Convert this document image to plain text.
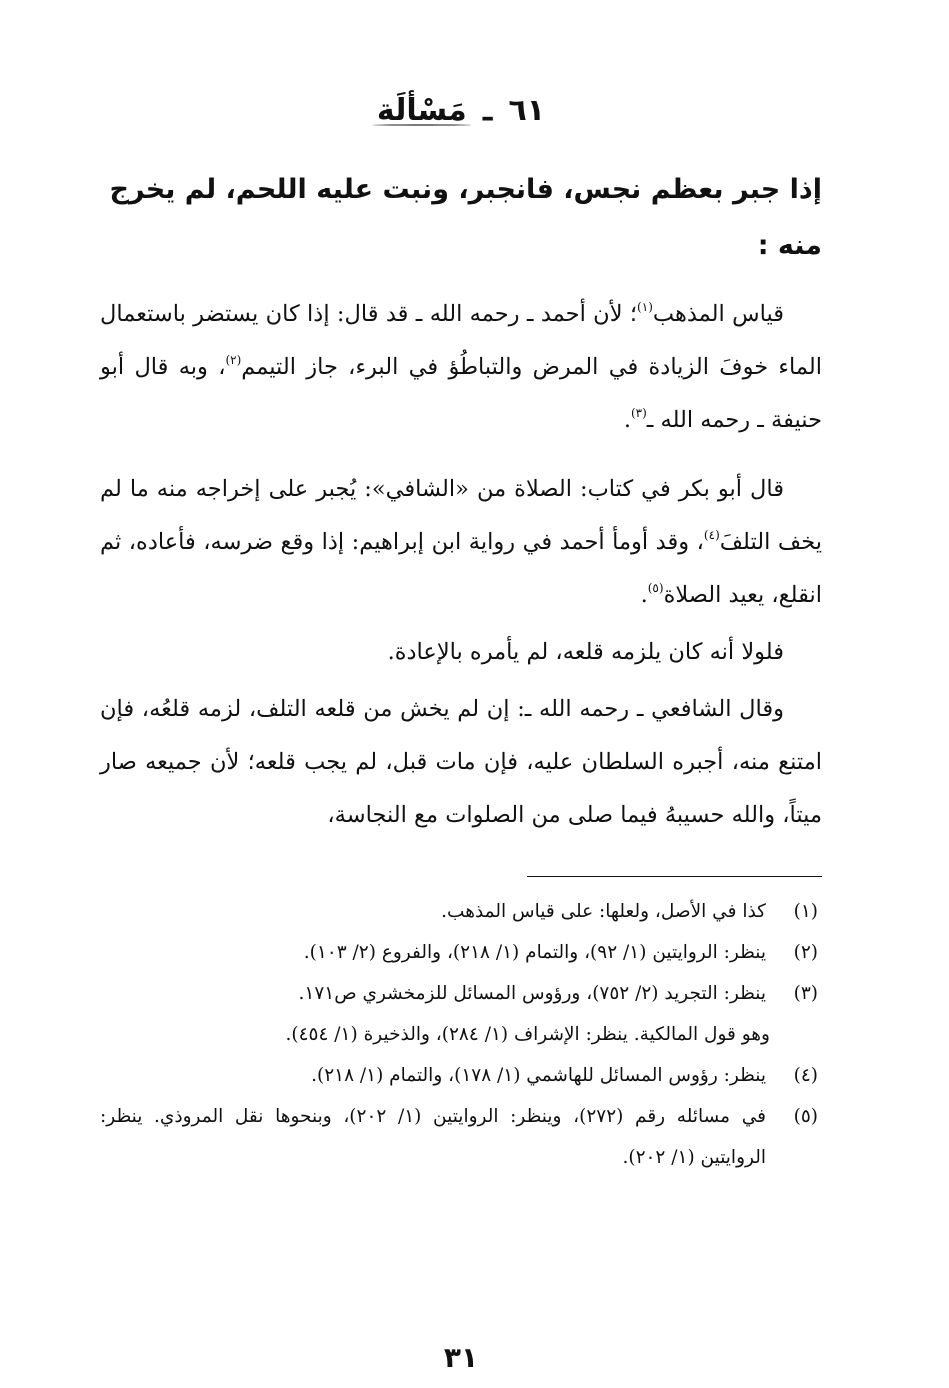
٦١ ـ مَسْألَة

إذا جبر بعظم نجس، فانجبر، ونبت عليه اللحم، لم يخرج

منه :

قياس المذهب$^{(١)}$؛ لأن أحمد ـ رحمه الله ـ قد قال: إذا كان يستضر باستعمال الماء خوفَ الزيادة في المرض والتباطُؤ في البرء، جاز التيمم$^{(٢)}$، وبه قال أبو حنيفة ـ رحمه الله ـ$^{(٣)}$.

قال أبو بكر في كتاب: الصلاة من «الشافي»: يُجبر على إخراجه منه ما لم يخف التلفَ$^{(٤)}$، وقد أومأ أحمد في رواية ابن إبراهيم: إذا وقع ضرسه، فأعاده، ثم انقلع، يعيد الصلاة$^{(٥)}$.

فلولا أنه كان يلزمه قلعه، لم يأمره بالإعادة.

وقال الشافعي ـ رحمه الله ـ: إن لم يخش من قلعه التلف، لزمه قلعُه، فإن امتنع منه، أجبره السلطان عليه، فإن مات قبل، لم يجب قلعه؛ لأن جميعه صار ميتاً، والله حسيبهُ فيما صلى من الصلوات مع النجاسة،

(١)
كذا في الأصل، ولعلها: على قياس المذهب.
(٢)
ينظر: الروايتين (١/ ٩٢)، والتمام (١/ ٢١٨)، والفروع (٢/ ١٠٣).
(٣)
ينظر: التجريد (٢/ ٧٥٢)، ورؤوس المسائل للزمخشري ص١٧١.
وهو قول المالكية. ينظر: الإشراف (١/ ٢٨٤)، والذخيرة (١/ ٤٥٤).
(٤)
ينظر: رؤوس المسائل للهاشمي (١/ ١٧٨)، والتمام (١/ ٢١٨).
(٥)
في مسائله رقم (٢٧٢)، وينظر: الروايتين (١/ ٢٠٢)، وبنحوها نقل المروذي. ينظر: الروايتين (١/ ٢٠٢).
٣١
